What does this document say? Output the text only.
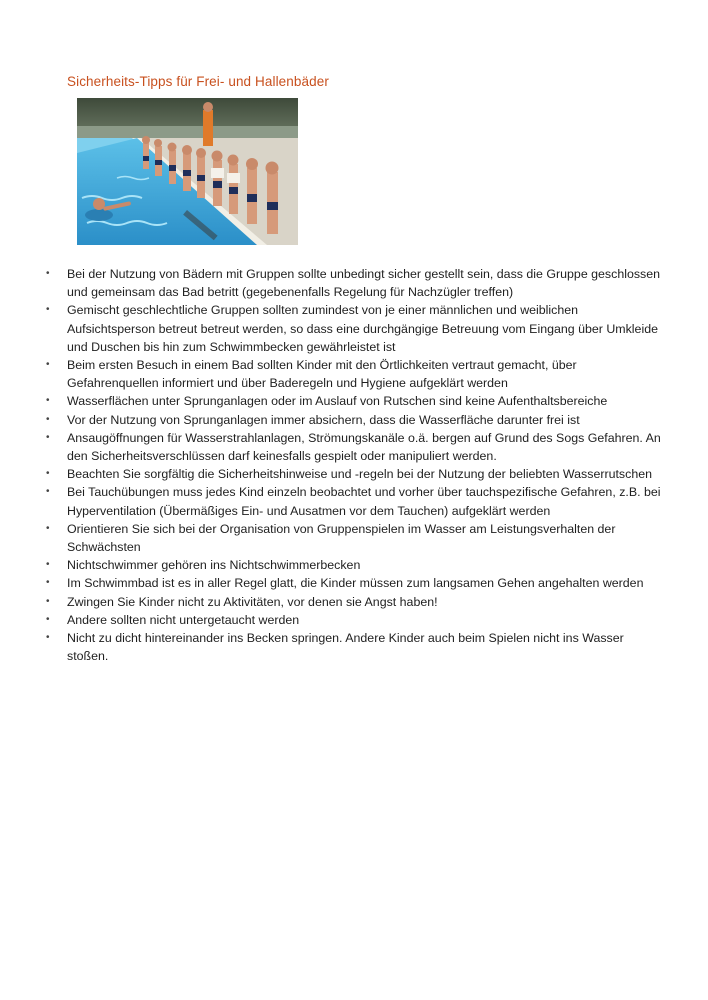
Sicherheits-Tipps für Frei- und Hallenbäder
• Bei der Nutzung von Bädern mit Gruppen sollte unbedingt sicher gestellt sein, dass die Gruppe geschlossen und gemeinsam das Bad betritt (gegebenenfalls Regelung für Nachzügler treffen)
• Gemischt geschlechtliche Gruppen sollten zumindest von je einer männlichen und weiblichen Aufsichtsperson betreut betreut werden, so dass eine durchgängige Betreuung vom Eingang über Umkleide und Duschen bis hin zum Schwimmbecken gewährleistet ist
• Beim ersten Besuch in einem Bad sollten Kinder mit den Örtlichkeiten vertraut gemacht, über Gefahrenquellen informiert und über Baderegeln und Hygiene aufgeklärt werden
• Wasserflächen unter Sprunganlagen oder im Auslauf von Rutschen sind keine Aufenthaltsbereiche
• Vor der Nutzung von Sprunganlagen immer absichern, dass die Wasserfläche darunter frei ist
• Ansaugöffnungen für Wasserstrahlanlagen, Strömungskanäle o.ä. bergen auf Grund des Sogs Gefahren. An den Sicherheitsverschlüssen darf keinesfalls gespielt oder manipuliert werden.
• Beachten Sie sorgfältig die Sicherheitshinweise und -regeln bei der Nutzung der beliebten Wasserrutschen
• Bei Tauchübungen muss jedes Kind einzeln beobachtet und vorher über tauchspezifische Gefahren, z.B. bei Hyperventilation (Übermäßiges Ein- und Ausatmen vor dem Tauchen) aufgeklärt werden
• Orientieren Sie sich bei der Organisation von Gruppenspielen im Wasser am Leistungsverhalten der Schwächsten
• Nichtschwimmer gehören ins Nichtschwimmerbecken
• Im Schwimmbad ist es in aller Regel glatt, die Kinder müssen zum langsamen Gehen angehalten werden
• Zwingen Sie Kinder nicht zu Aktivitäten, vor denen sie Angst haben!
• Andere sollten nicht untergetaucht werden
• Nicht zu dicht hintereinander ins Becken springen. Andere Kinder auch beim Spielen nicht ins Wasser stoßen.
